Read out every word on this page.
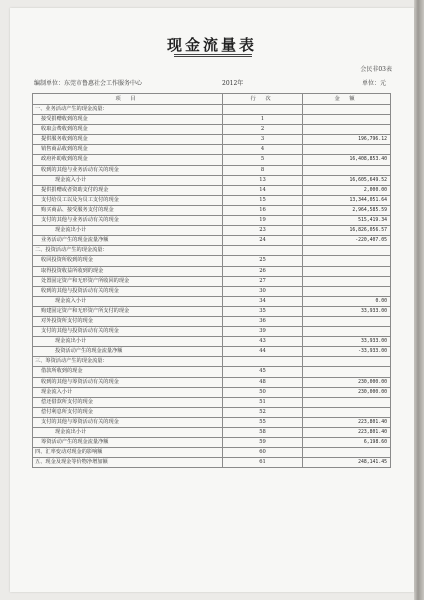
现金流量表
会民非03表
编制单位：东莞市鲁惠社会工作服务中心	2012年	单位：元
项 目	行 次	金 额
一、业务活动产生的现金流量：		
接受捐赠收到的现金	1	
收取会费收到的现金	2	
提供服务收到的现金	3	196,796.12
销售商品收到的现金	4	
政府补助收到的现金	5	16,408,853.40
收到的其他与业务活动有关的现金	8	
现金流入小计	13	16,605,649.52
提供捐赠或者资助支付的现金	14	2,000.00
支付给员工以及为员工支付的现金	15	13,344,051.64
购买商品、接受服务支付的现金	16	2,964,585.59
支付的其他与业务活动有关的现金	19	515,419.34
现金流出小计	23	16,826,056.57
业务活动产生的现金流量净额	24	-220,407.05
二、投资活动产生的现金流量：		
收回投资所收到的现金	25	
取得投资收益所收到的现金	26	
处置固定资产和无形资产所收回的现金	27	
收到的其他与投资活动有关的现金	30	
现金流入小计	34	0.00
购建固定资产和无形资产所支付的现金	35	33,933.00
对外投资所支付的现金	36	
支付的其他与投资活动有关的现金	39	
现金流出小计	43	33,933.00
投资活动产生的现金流量净额	44	-33,933.00
三、筹资活动产生的现金流量：		
借款所收到的现金	45	
收到的其他与筹资活动有关的现金	48	230,000.00
现金流入小计	50	230,000.00
偿还借款所支付的现金	51	
偿付利息所支付的现金	52	
支付的其他与筹资活动有关的现金	55	223,801.40
现金流出小计	58	223,801.40
筹资活动产生的现金流量净额	59	6,198.60
四、汇率变动对现金的影响额	60	
五、现金及现金等价物净增加额	61	248,141.45
